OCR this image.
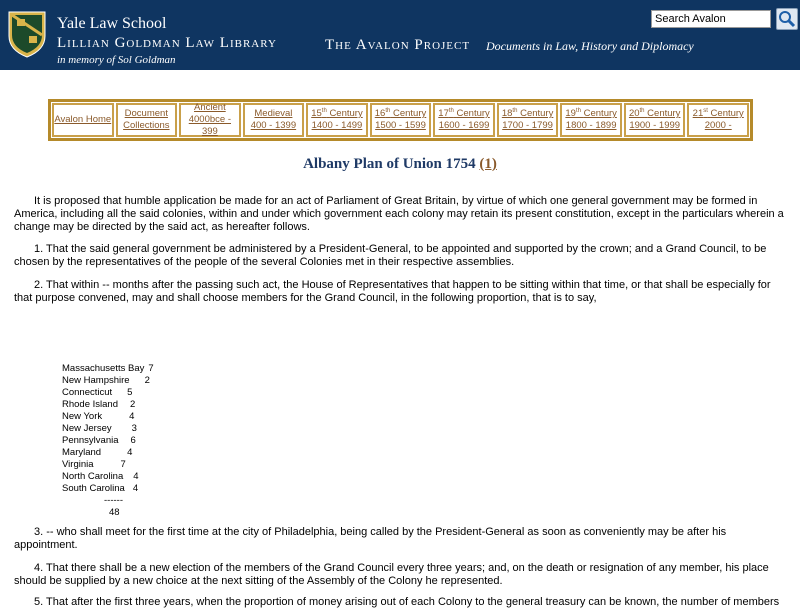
Yale Law School
Lillian Goldman Law Library
in memory of Sol Goldman
The Avalon Project Documents in Law, History and Diplomacy
Search Avalon
Avalon Home
Document
Collections
Ancient
4000bce - 399
Medieval
400 - 1399
15th Century
1400 - 1499
16th Century
1500 - 1599
17th Century
1600 - 1699
18th Century
1700 - 1799
19th Century
1800 - 1899
20th Century
1900 - 1999
21st Century
2000 -
Albany Plan of Union 1754 (1)
It is proposed that humble application be made for an act of Parliament of Great Britain, by virtue of which one general government may be formed in America, including all the said colonies, within and under which government each colony may retain its present constitution, except in the particulars wherein a change may be directed by the said act, as hereafter follows.
1. That the said general government be administered by a President-General, to be appointed and supported by the crown; and a Grand Council, to be chosen by the representatives of the people of the several Colonies met in their respective assemblies.
2. That within -- months after the passing such act, the House of Representatives that happen to be sitting within that time, or that shall be especially for that purpose convened, may and shall choose members for the Grand Council, in the following proportion, that is to say,
Massachusetts Bay 7
New Hampshire 2
Connecticut 5
Rhode Island 2
New York	4
New Jersey 3
Pennsylvania 6
Maryland	4
Virginia	7
North Carolina 4
South Carolina 4
------
48
3. -- who shall meet for the first time at the city of Philadelphia, being called by the President-General as soon as conveniently may be after his appointment.
4. That there shall be a new election of the members of the Grand Council every three years; and, on the death or resignation of any member, his place should be supplied by a new choice at the next sitting of the Assembly of the Colony he represented.
5. That after the first three years, when the proportion of money arising out of each Colony to the general treasury can be known, the number of members
